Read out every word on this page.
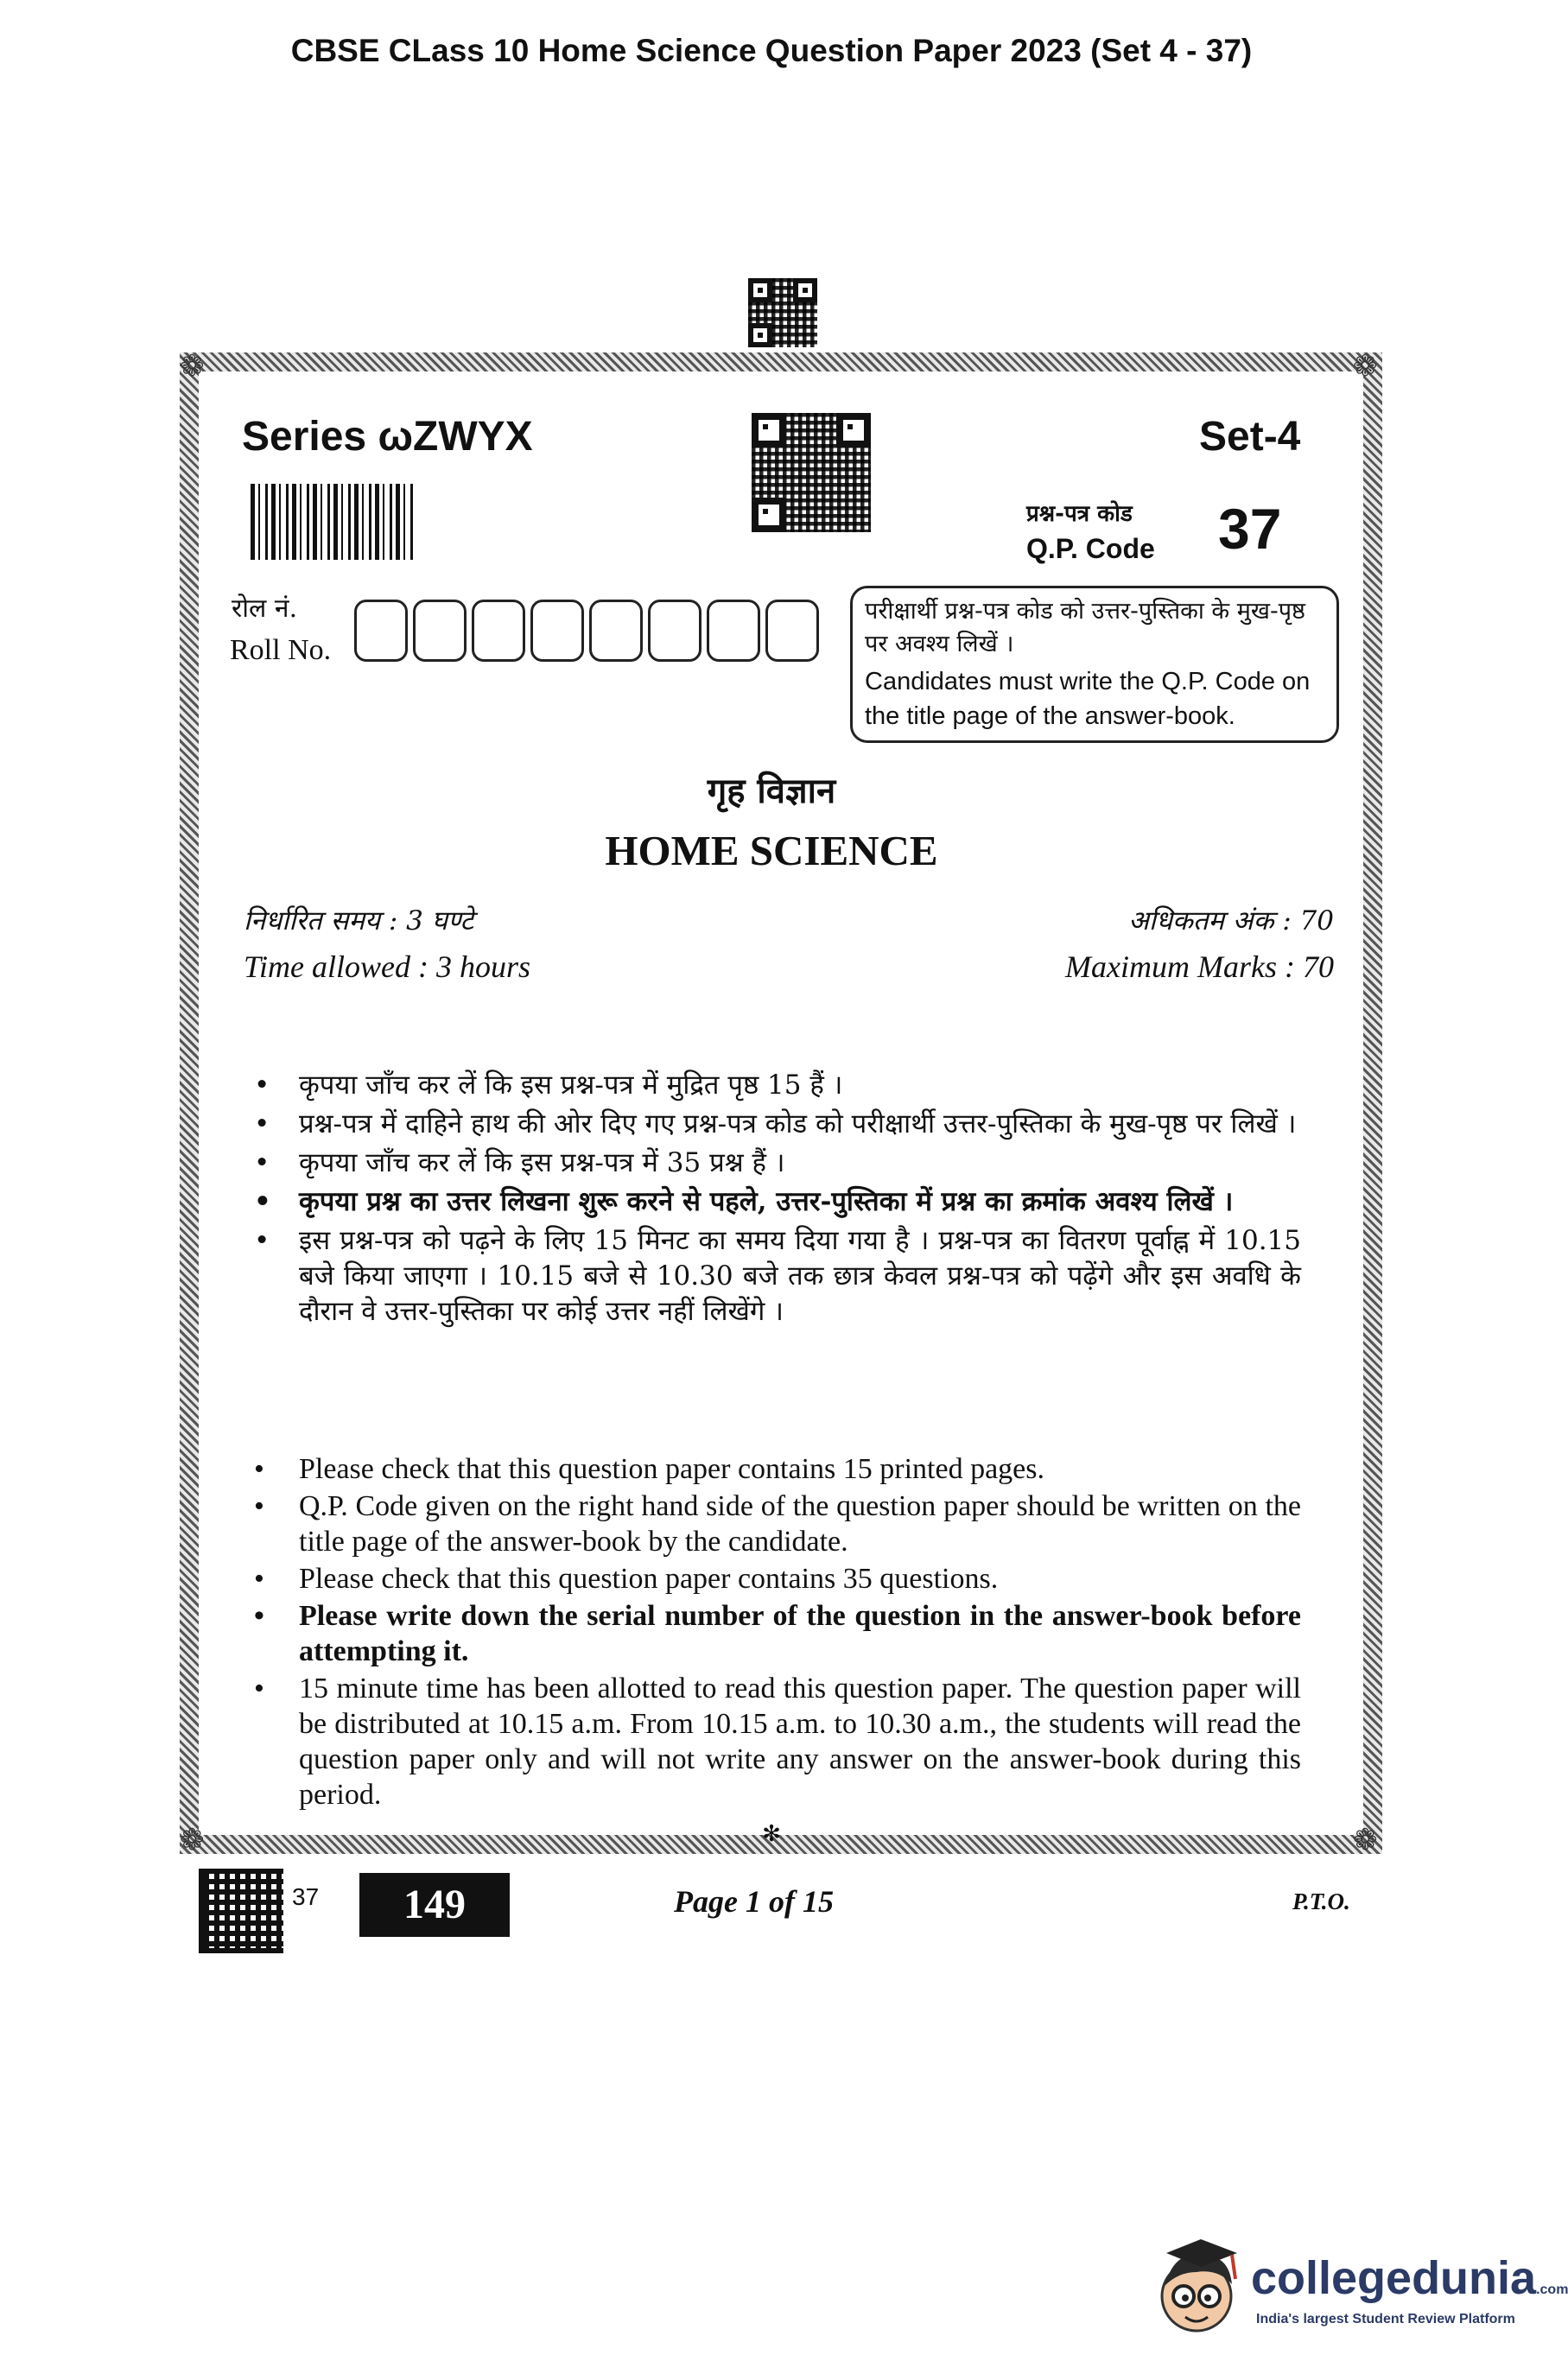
CBSE CLass 10 Home Science Question Paper 2023 (Set 4 - 37)
❁	❁
❁	❁
Series ωZWYX	Set-4
प्रश्न-पत्र कोड
Q.P. Code 37
रोल नं.
Roll No.
परीक्षार्थी प्रश्न-पत्र कोड को उत्तर-पुस्तिका के मुख-पृष्ठ पर अवश्य लिखें ।
Candidates must write the Q.P. Code on the title page of the answer-book.
गृह विज्ञान
HOME SCIENCE
निर्धारित समय : 3 घण्टे
Time allowed : 3 hours
अधिकतम अंक : 70
Maximum Marks : 70
• कृपया जाँच कर लें कि इस प्रश्न-पत्र में मुद्रित पृष्ठ 15 हैं ।
• प्रश्न-पत्र में दाहिने हाथ की ओर दिए गए प्रश्न-पत्र कोड को परीक्षार्थी उत्तर-पुस्तिका के मुख-पृष्ठ पर लिखें ।
• कृपया जाँच कर लें कि इस प्रश्न-पत्र में 35 प्रश्न हैं ।
• कृपया प्रश्न का उत्तर लिखना शुरू करने से पहले, उत्तर-पुस्तिका में प्रश्न का क्रमांक अवश्य लिखें ।
• इस प्रश्न-पत्र को पढ़ने के लिए 15 मिनट का समय दिया गया है । प्रश्न-पत्र का वितरण पूर्वाह्न में 10.15 बजे किया जाएगा । 10.15 बजे से 10.30 बजे तक छात्र केवल प्रश्न-पत्र को पढ़ेंगे और इस अवधि के दौरान वे उत्तर-पुस्तिका पर कोई उत्तर नहीं लिखेंगे ।
• Please check that this question paper contains 15 printed pages.
• Q.P. Code given on the right hand side of the question paper should be written on the title page of the answer-book by the candidate.
• Please check that this question paper contains 35 questions.
• Please write down the serial number of the question in the answer-book before attempting it.
• 15 minute time has been allotted to read this question paper. The question paper will be distributed at 10.15 a.m. From 10.15 a.m. to 10.30 a.m., the students will read the question paper only and will not write any answer on the answer-book during this period.
✻
37	149	Page 1 of 15	P.T.O.
collegedunia.com
India's largest Student Review Platform
